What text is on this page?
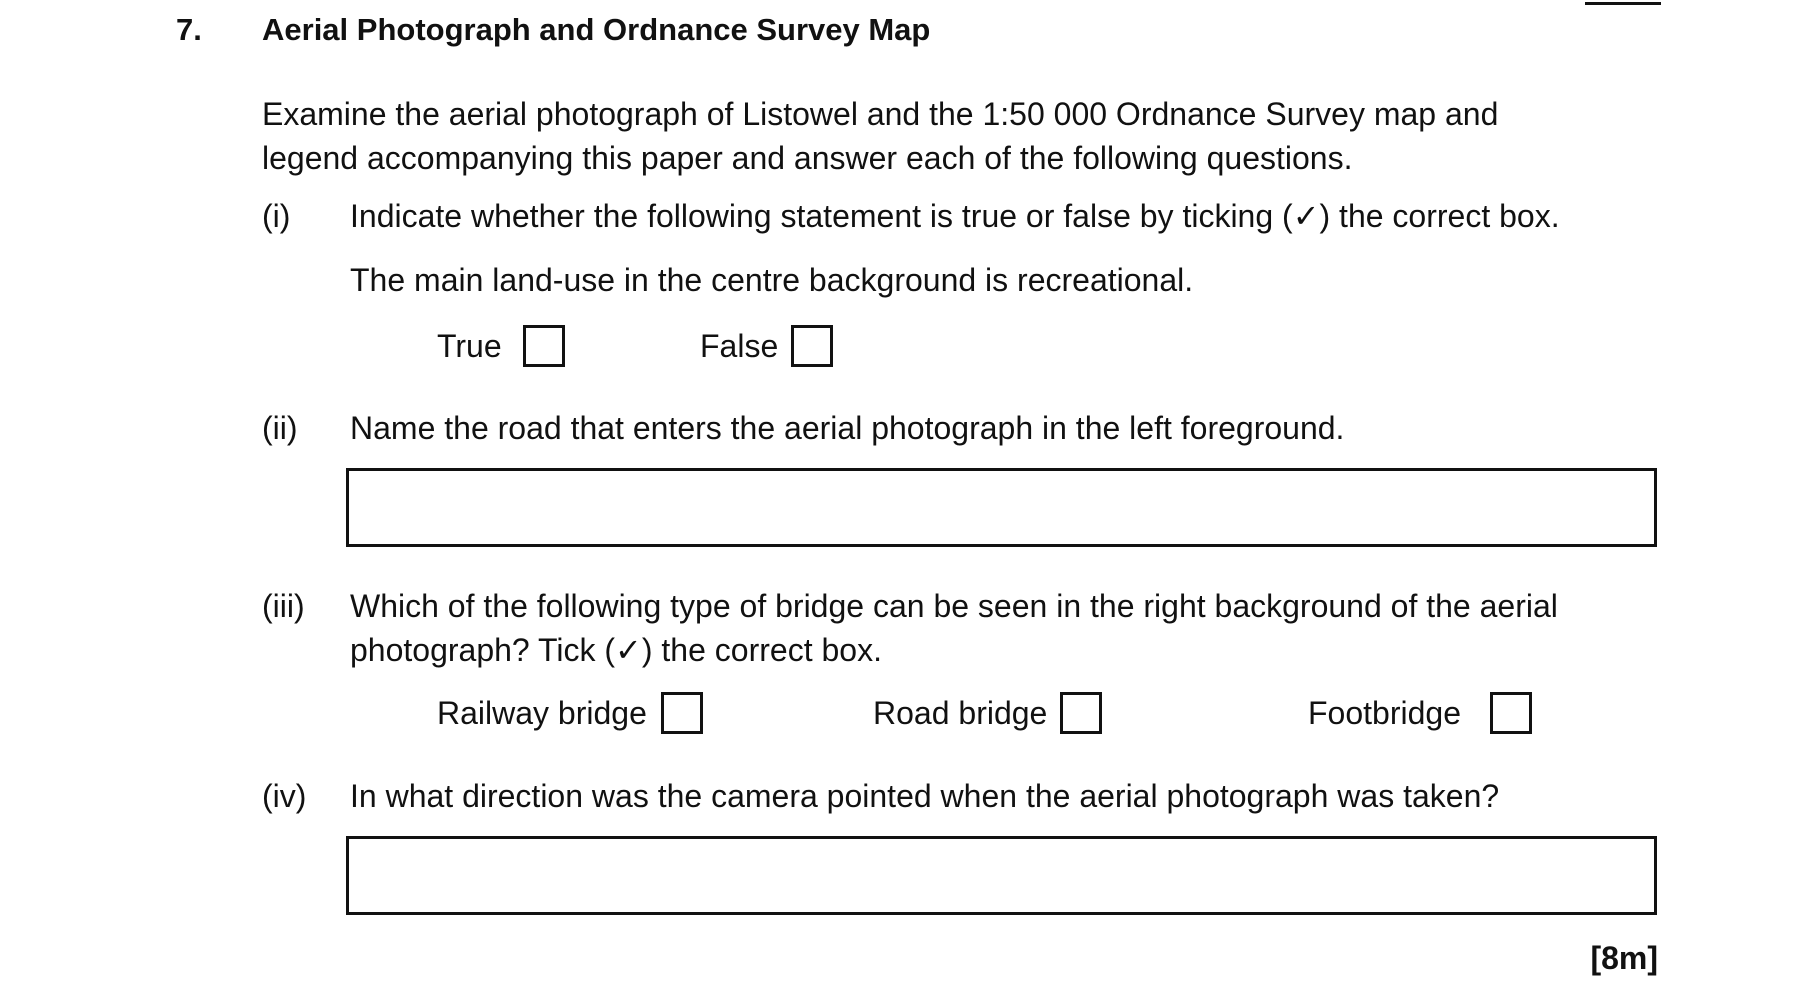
7. Aerial Photograph and Ordnance Survey Map
Examine the aerial photograph of Listowel and the 1:50 000 Ordnance Survey map and
legend accompanying this paper and answer each of the following questions.
(i) Indicate whether the following statement is true or false by ticking (✓) the correct box.
The main land-use in the centre background is recreational.
True	False
(ii) Name the road that enters the aerial photograph in the left foreground.
(iii) Which of the following type of bridge can be seen in the right background of the aerial
photograph? Tick (✓) the correct box.
Railway bridge	Road bridge	Footbridge
(iv) In what direction was the camera pointed when the aerial photograph was taken?
[8m]
